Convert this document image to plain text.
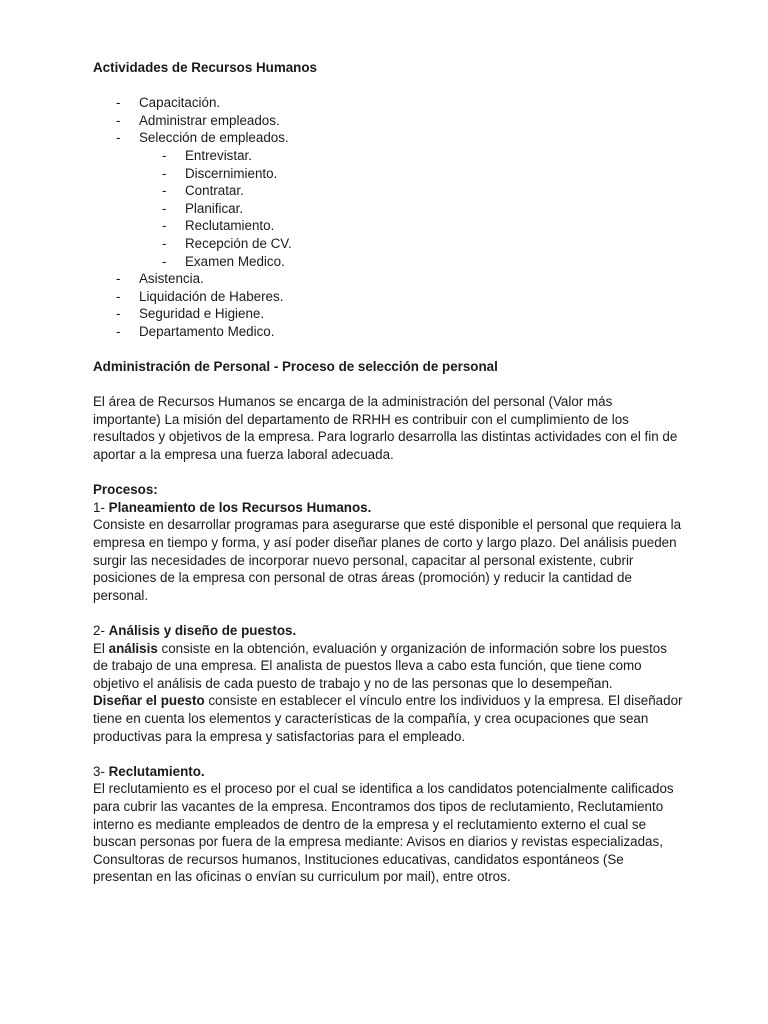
Actividades de Recursos Humanos

- Capacitación.
- Administrar empleados.
- Selección de empleados.
- Entrevistar.
- Discernimiento.
- Contratar.
- Planificar.
- Reclutamiento.
- Recepción de CV.
- Examen Medico.
- Asistencia.
- Liquidación de Haberes.
- Seguridad e Higiene.
- Departamento Medico.

Administración de Personal - Proceso de selección de personal

El área de Recursos Humanos se encarga de la administración del personal (Valor más importante) La misión del departamento de RRHH es contribuir con el cumplimiento de los resultados y objetivos de la empresa. Para lograrlo desarrolla las distintas actividades con el fin de aportar a la empresa una fuerza laboral adecuada.

Procesos:

1- Planeamiento de los Recursos Humanos.

Consiste en desarrollar programas para asegurarse que esté disponible el personal que requiera la empresa en tiempo y forma, y así poder diseñar planes de corto y largo plazo. Del análisis pueden surgir las necesidades de incorporar nuevo personal, capacitar al personal existente, cubrir posiciones de la empresa con personal de otras áreas (promoción) y reducir la cantidad de personal.

2- Análisis y diseño de puestos.

El análisis consiste en la obtención, evaluación y organización de información sobre los puestos de trabajo de una empresa. El analista de puestos lleva a cabo esta función, que tiene como objetivo el análisis de cada puesto de trabajo y no de las personas que lo desempeñan.

Diseñar el puesto consiste en establecer el vínculo entre los individuos y la empresa. El diseñador tiene en cuenta los elementos y características de la compañía, y crea ocupaciones que sean productivas para la empresa y satisfactorias para el empleado.

3- Reclutamiento.

El reclutamiento es el proceso por el cual se identifica a los candidatos potencialmente calificados para cubrir las vacantes de la empresa. Encontramos dos tipos de reclutamiento, Reclutamiento interno es mediante empleados de dentro de la empresa y el reclutamiento externo el cual se buscan personas por fuera de la empresa mediante: Avisos en diarios y revistas especializadas, Consultoras de recursos humanos, Instituciones educativas, candidatos espontáneos (Se presentan en las oficinas o envían su curriculum por mail), entre otros.
